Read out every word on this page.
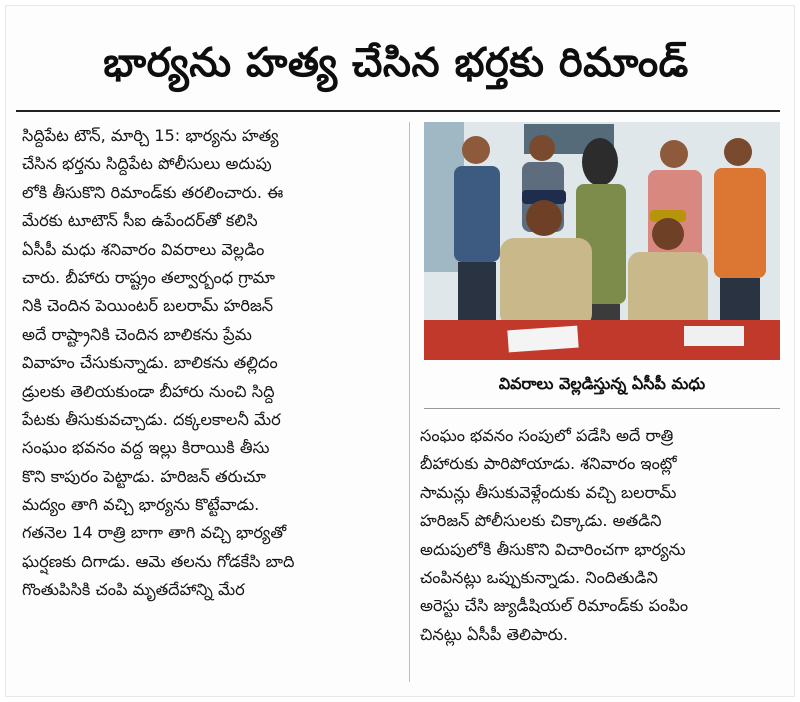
భార్యను హత్య చేసిన భర్తకు రిమాండ్
సిద్దిపేట టౌన్, మార్చి 15: భార్యను హత్య
చేసిన భర్తను సిద్దిపేట పోలీసులు అదుపు
లోకి తీసుకొని రిమాండ్‌కు తరలించారు. ఈ
మేరకు టూటౌన్ సీఐ ఉపేందర్‌తో కలిసి
ఏసీపీ మధు శనివారం వివరాలు వెల్లడిం
చారు. బీహారు రాష్ట్రం తల్వార్బంధ గ్రామా
నికి చెందిన పెయింటర్ బలరామ్ హరిజన్
అదే రాష్ట్రానికి చెందిన బాలికను ప్రేమ
వివాహం చేసుకున్నాడు. బాలికను తల్లిదం
డ్రులకు తెలియకుండా బీహారు నుంచి సిద్ది
పేటకు తీసుకువచ్చాడు. దక్కలకాలనీ మేర
సంఘం భవనం వద్ద ఇల్లు కిరాయికి తీసు
కొని కాపురం పెట్టాడు. హరిజన్ తరుచూ
మద్యం తాగి వచ్చి భార్యను కొట్టేవాడు.
గతనెల 14 రాత్రి బాగా తాగి వచ్చి భార్యతో
ఘర్షణకు దిగాడు. ఆమె తలను గోడకేసి బాది
గొంతుపిసికి చంపి మృతదేహాన్ని మేర
వివరాలు వెల్లడిస్తున్న ఏసీపీ మధు
సంఘం భవనం సంపులో పడేసి అదే రాత్రి
బీహారుకు పారిపోయాడు. శనివారం ఇంట్లో
సామన్లు తీసుకువెళ్లేందుకు వచ్చి బలరామ్
హరిజన్ పోలీసులకు చిక్కాడు. అతడిని
అదుపులోకి తీసుకొని విచారించగా భార్యను
చంపినట్లు ఒప్పుకున్నాడు. నిందితుడిని
అరెస్టు చేసి జ్యుడీషియల్ రిమాండ్‌కు పంపిం
చినట్లు ఏసీపీ తెలిపారు.
